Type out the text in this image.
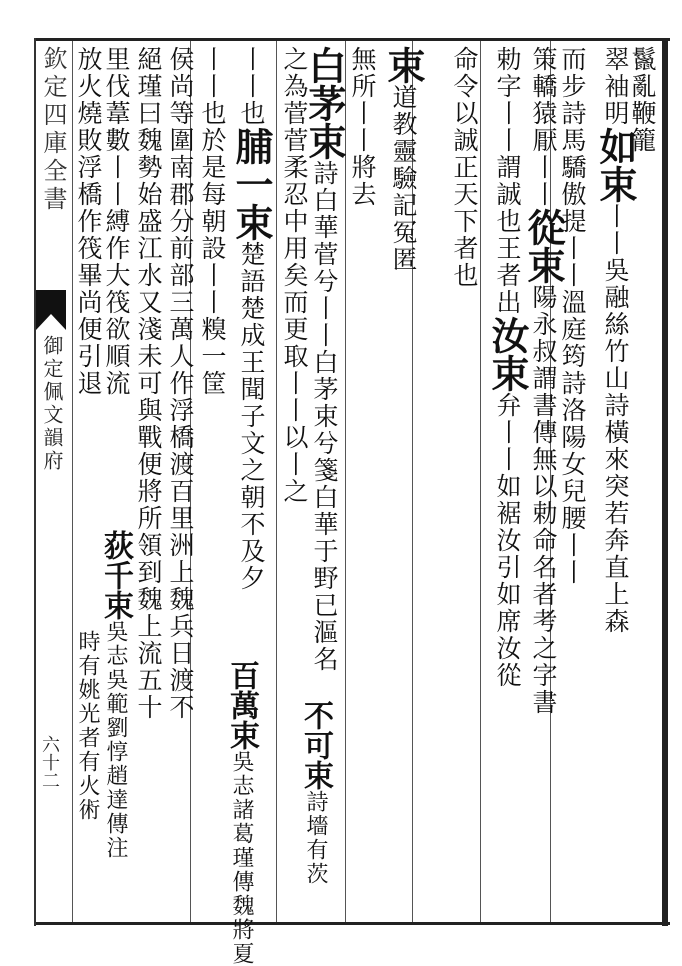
欽定四庫全書
御定佩文韻府
六十二
鬣亂鞭籠
翠袖明如束丨丨吳融絲竹山詩橫來突若奔直上森
而步詩馬驕傲提丨丨溫庭筠詩洛陽女兒腰丨丨
策轎猿厭丨丨從束陽永叔謂書傳無以勅命名者考之字書
勅字丨丨謂誠也王者出汝束弁丨丨如裾汝引如席汝從
命令以誠正天下者也
束道教靈驗記冤匿
無所丨丨將去
白茅束詩白華菅兮丨丨白茅束兮箋白華于野已漚名
之為菅菅柔忍中用矣而更取丨丨以丨之
丨丨也脯一束楚語楚成王聞子文之朝不及夕
丨丨也於是每朝設丨丨糗一筐
侯尚等圍南郡分前部三萬人作浮橋渡百里洲上魏兵日渡不
絕瑾曰魏勢始盛江水又淺未可與戰便將所領到魏上流五十
里伐葦數丨丨縛作大筏欲順流
放火燒敗浮橋作筏畢尚便引退
荻千束吳志吳範劉惇趙達傳注
時有姚光者有火術	百萬束吳志諸葛瑾傳魏將夏
不可束詩墻有茨
